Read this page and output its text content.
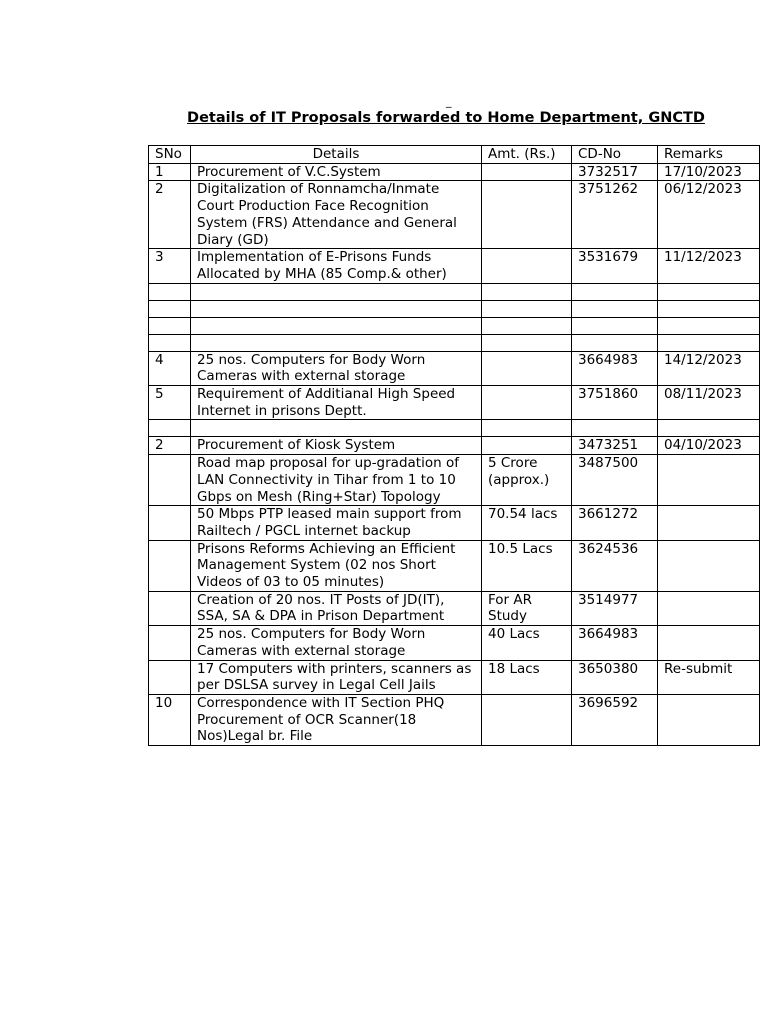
_
Details of IT Proposals forwarded to Home Department, GNCTD
SNo	Details	Amt. (Rs.)	CD-No	Remarks
1	Procurement of V.C.System		3732517	17/10/2023
2	Digitalization of Ronnamcha/Inmate Court Production Face Recognition System (FRS) Attendance and General Diary (GD)		3751262	06/12/2023
3	Implementation of E-Prisons Funds Allocated by MHA (85 Comp.& other)		3531679	11/12/2023

4	25 nos. Computers for Body Worn Cameras with external storage		3664983	14/12/2023
5	Requirement of Additianal High Speed Internet in prisons Deptt.		3751860	08/11/2023

2	Procurement of Kiosk System		3473251	04/10/2023
	Road map proposal for up-gradation of LAN Connectivity in Tihar from 1 to 10 Gbps on Mesh (Ring+Star) Topology	5 Crore (approx.)	3487500	
	50 Mbps PTP leased main support from Railtech / PGCL internet backup	70.54 lacs	3661272	
	Prisons Reforms Achieving an Efficient Management System (02 nos Short Videos of 03 to 05 minutes)	10.5 Lacs	3624536	
	Creation of 20 nos. IT Posts of JD(IT), SSA, SA & DPA in Prison Department	For AR Study	3514977	
	25 nos. Computers for Body Worn Cameras with external storage	40 Lacs	3664983	
	17 Computers with printers, scanners as per DSLSA survey in Legal Cell Jails	18 Lacs	3650380	Re-submit
10	Correspondence with IT Section PHQ Procurement of OCR Scanner(18 Nos)Legal br. File		3696592	
